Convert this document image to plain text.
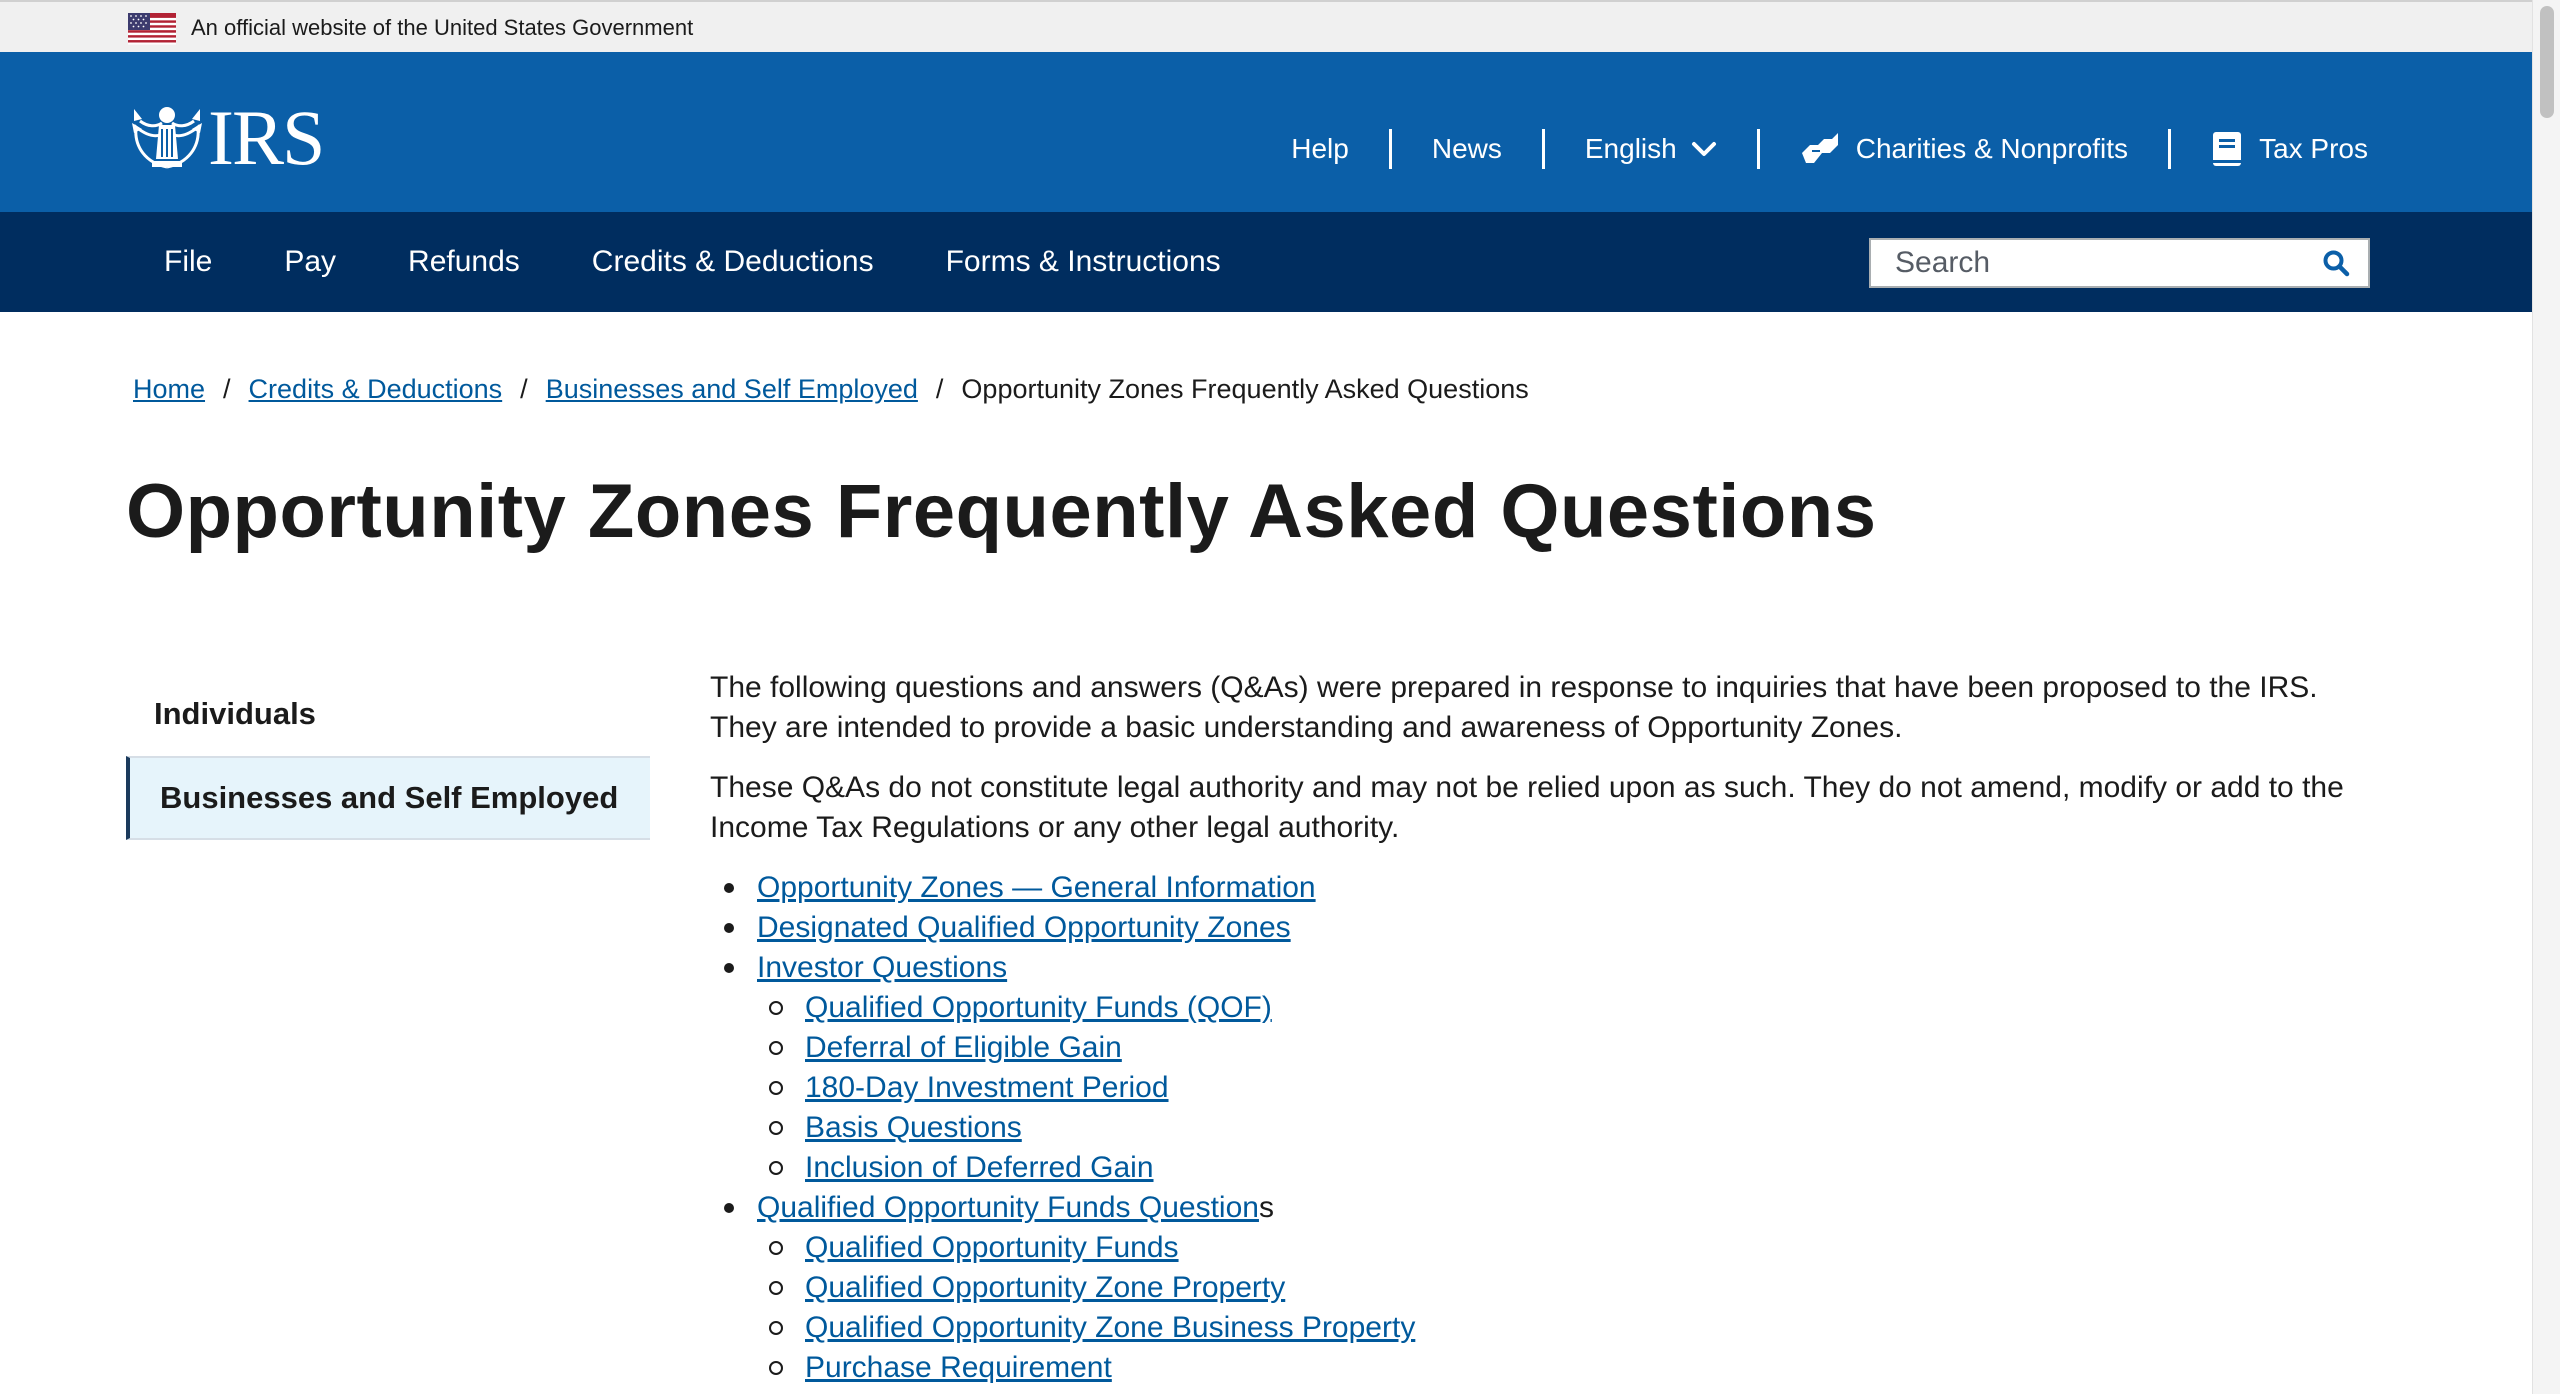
An official website of the United States Government
IRS	Help	News	English	Charities & Nonprofits	Tax Pros
File	Pay	Refunds	Credits & Deductions	Forms & Instructions
Search
Home / Credits & Deductions / Businesses and Self Employed / Opportunity Zones Frequently Asked Questions
Opportunity Zones Frequently Asked Questions
Individuals
Businesses and Self Employed

The following questions and answers (Q&As) were prepared in response to inquiries that have been proposed to the IRS. They are intended to provide a basic understanding and awareness of Opportunity Zones.

These Q&As do not constitute legal authority and may not be relied upon as such. They do not amend, modify or add to the Income Tax Regulations or any other legal authority.

Opportunity Zones — General Information
Designated Qualified Opportunity Zones
Investor Questions
Qualified Opportunity Funds (QOF)
Deferral of Eligible Gain
180-Day Investment Period
Basis Questions
Inclusion of Deferred Gain
Qualified Opportunity Funds Questions
Qualified Opportunity Funds
Qualified Opportunity Zone Property
Qualified Opportunity Zone Business Property
Purchase Requirement
